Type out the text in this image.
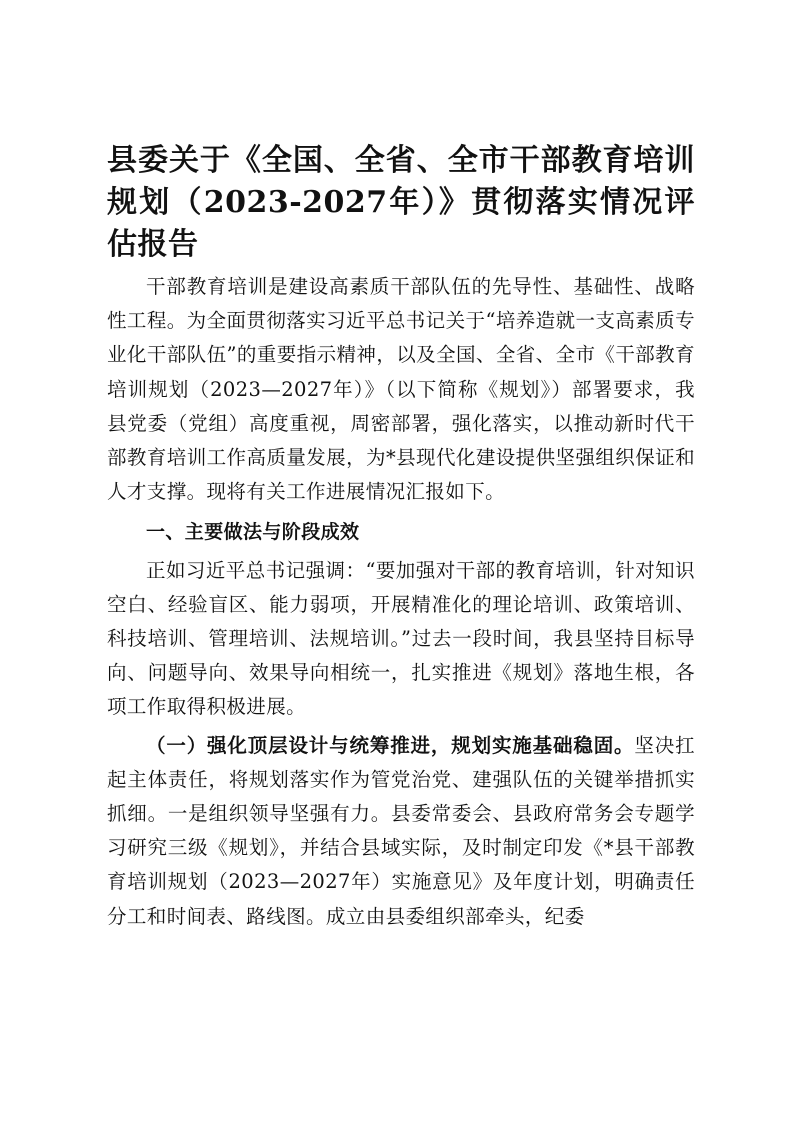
县委关于《全国、全省、全市干部教育培训规划（2023-2027年）》贯彻落实情况评估报告

干部教育培训是建设高素质干部队伍的先导性、基础性、战略性工程。为全面贯彻落实习近平总书记关于“培养造就一支高素质专业化干部队伍”的重要指示精神，以及全国、全省、全市《干部教育培训规划（2023—2027年）》（以下简称《规划》）部署要求，我县党委（党组）高度重视，周密部署，强化落实，以推动新时代干部教育培训工作高质量发展，为*县现代化建设提供坚强组织保证和人才支撑。现将有关工作进展情况汇报如下。

一、主要做法与阶段成效

正如习近平总书记强调：“要加强对干部的教育培训，针对知识空白、经验盲区、能力弱项，开展精准化的理论培训、政策培训、科技培训、管理培训、法规培训。”过去一段时间，我县坚持目标导向、问题导向、效果导向相统一，扎实推进《规划》落地生根，各项工作取得积极进展。

（一）强化顶层设计与统筹推进，规划实施基础稳固。坚决扛起主体责任，将规划落实作为管党治党、建强队伍的关键举措抓实抓细。一是组织领导坚强有力。县委常委会、县政府常务会专题学习研究三级《规划》，并结合县域实际，及时制定印发《*县干部教育培训规划（2023—2027年）实施意见》及年度计划，明确责任分工和时间表、路线图。成立由县委组织部牵头，纪委
